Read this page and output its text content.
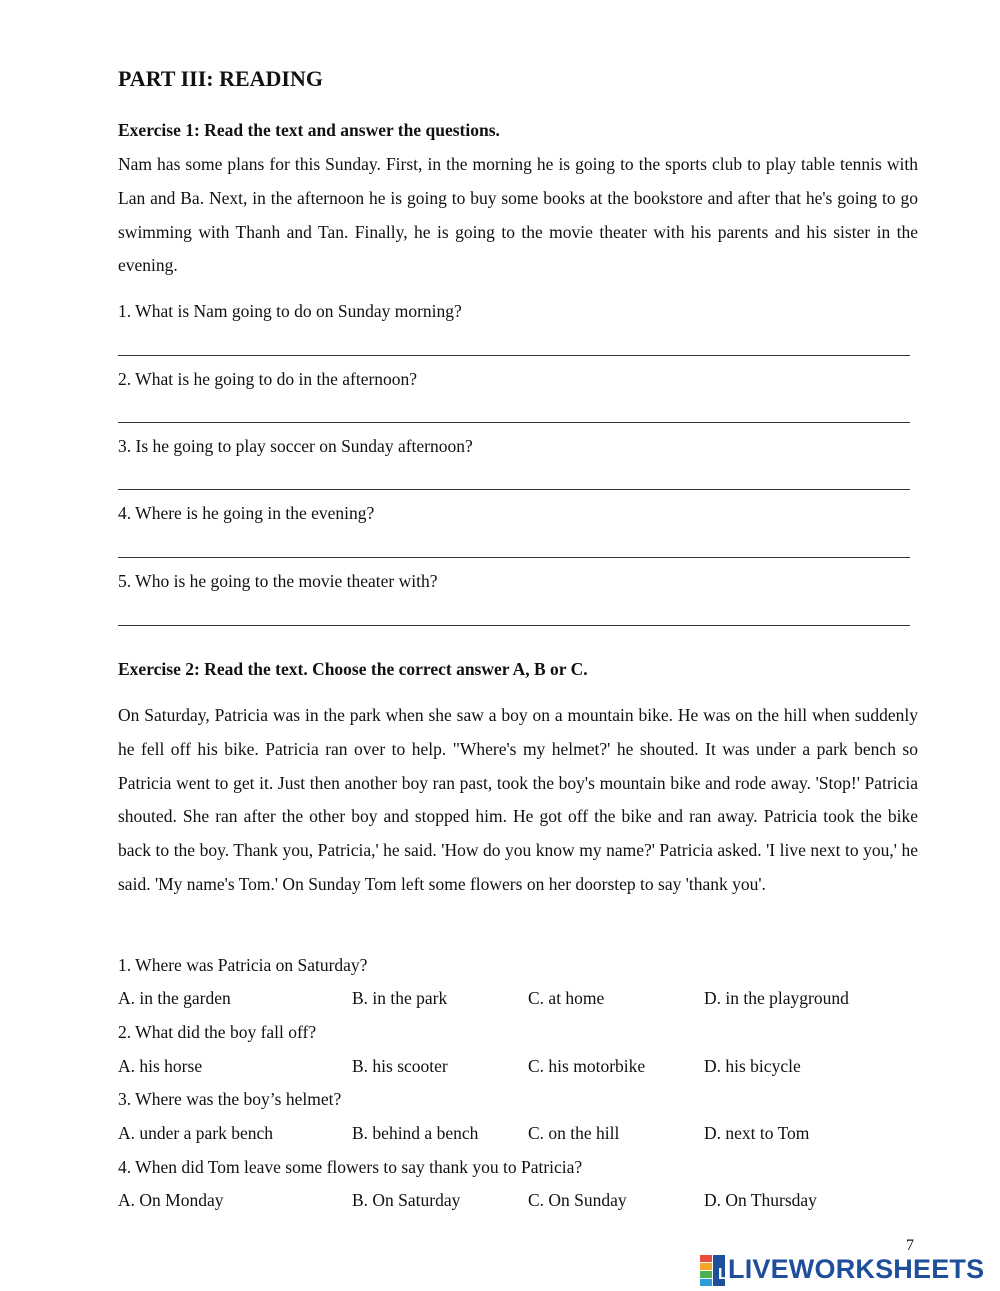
PART III: READING
Exercise 1: Read the text and answer the questions.
Nam has some plans for this Sunday. First, in the morning he is going to the sports club to play table tennis with Lan and Ba. Next, in the afternoon he is going to buy some books at the bookstore and after that he's going to go swimming with Thanh and Tan. Finally, he is going to the movie theater with his parents and his sister in the evening.
1. What is Nam going to do on Sunday morning?
2. What is he going to do in the afternoon?
3. Is he going to play soccer on Sunday afternoon?
4. Where is he going in the evening?
5. Who is he going to the movie theater with?
Exercise 2: Read the text. Choose the correct answer A, B or C.
On Saturday, Patricia was in the park when she saw a boy on a mountain bike. He was on the hill when suddenly he fell off his bike. Patricia ran over to help. "Where's my helmet?' he shouted. It was under a park bench so Patricia went to get it. Just then another boy ran past, took the boy's mountain bike and rode away. 'Stop!' Patricia shouted. She ran after the other boy and stopped him. He got off the bike and ran away. Patricia took the bike back to the boy. Thank you, Patricia,' he said. 'How do you know my name?' Patricia asked. 'I live next to you,' he said. 'My name's Tom.' On Sunday Tom left some flowers on her doorstep to say 'thank you'.
1. Where was Patricia on Saturday?
A. in the garden	B. in the park	C. at home	D. in the playground
2. What did the boy fall off?
A. his horse	B. his scooter	C. his motorbike	D. his bicycle
3. Where was the boy’s helmet?
A. under a park bench	B. behind a bench	C. on the hill	D. next to Tom
4. When did Tom leave some flowers to say thank you to Patricia?
A. On Monday	B. On Saturday	C. On Sunday	D. On Thursday
7
L LIVEWORKSHEETS
